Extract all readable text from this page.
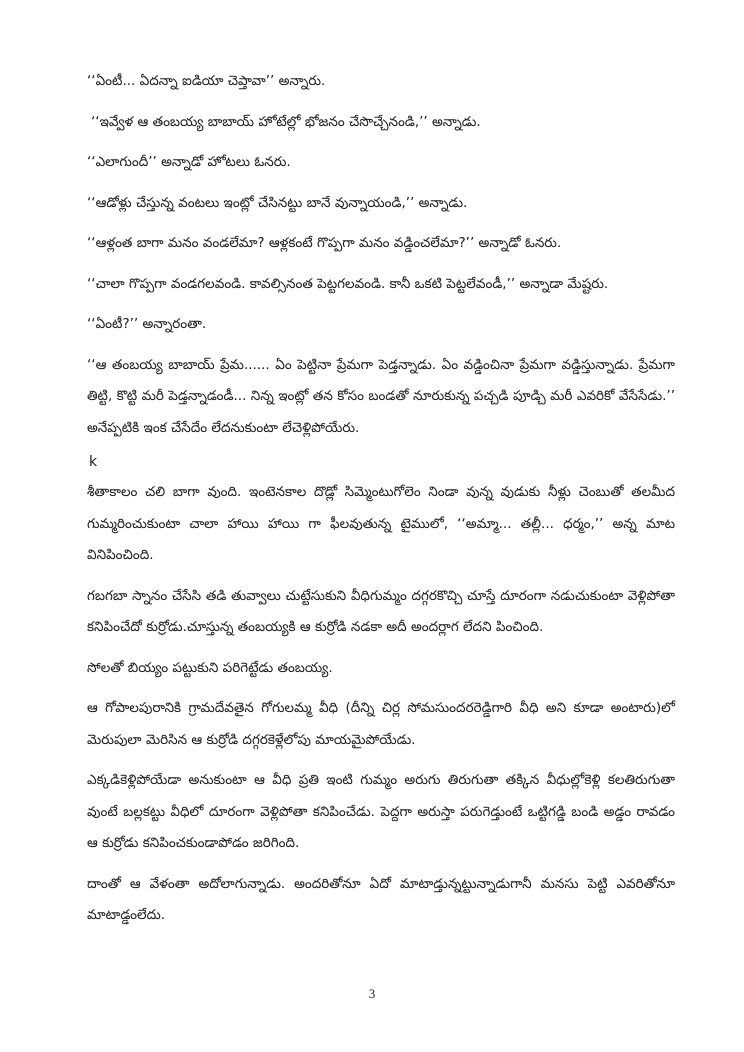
‘‘ఏంటీ... ఏదన్నా ఐడియా చెప్తావా’’ అన్నారు.

‘‘ఇవ్వేళ ఆ తంబయ్య బాబాయ్ హోటేల్లో భోజనం చేసొచ్చేనండి,’’ అన్నాడు.

‘‘ఎలాగుందీ’’ అన్నాడో హోటలు ఓనరు.

‘‘ఆడోళ్లు చేస్తున్న వంటలు ఇంట్లో చేసినట్టు బానే వున్నాయండి,’’ అన్నాడు.

‘‘ఆళ్లంత బాగా మనం వండలేమా? ఆళ్లకంటే గొప్పగా మనం వడ్డించలేమా?’’ అన్నాడో ఓనరు.

‘‘చాలా గొప్పగా వండగలవండి. కావల్సినంత పెట్టగలవండి. కానీ ఒకటి పెట్టలేవండీ,’’ అన్నాడా మేష్టరు.

‘‘ఏంటీ?’’ అన్నారంతా.

‘‘ఆ తంబయ్య బాబాయ్ ప్రేమ...... ఏం పెట్టినా ప్రేమగా పెడ్తన్నాడు. ఏం వడ్డించినా ప్రేమగా వడ్డిస్తున్నాడు. ప్రేమగా తిట్టి, కొట్టి మరీ పెడ్తన్నాడండీ... నిన్న ఇంట్లో తన కోసం బండతో నూరుకున్న పచ్చడి పూడ్చి మరీ ఎవరికో వేసేసేడు.’’ అనేప్పటికి ఇంక చేసేదేం లేదనుకుంటా లేచెళ్లిపోయేరు.

k

శీతాకాలం చలి బాగా వుంది. ఇంటెనకాల దొడ్లో సిమ్మెంటుగోలెం నిండా వున్న వుడుకు నీళ్లు చెంబుతో తలమీద గుమ్మరించుకుంటా చాలా హాయి హాయి గా ఫీలవుతున్న టైములో, ‘‘అమ్మా... తల్లీ... ధర్మం,’’ అన్న మాట వినిపించింది.

గబగబా స్నానం చేసేసి తడి తువ్వాలు చుట్టేసుకుని వీధిగుమ్మం దగ్గరకొచ్చి చూస్తే దూరంగా నడుచుకుంటా వెళ్లిపోతా కనిపించేదో కుర్రోడు.చూస్తున్న తంబయ్యకి ఆ కుర్రోడి నడకా అదీ అందర్లాగ లేదని పించింది.

సోలతో బియ్యం పట్టుకుని పరిగెట్టేడు తంబయ్య.

ఆ గోపాలపురానికి గ్రామదేవతైన గోగులమ్మ వీధి (దీన్ని చిర్ల సోమసుందరరెడ్డిగారి వీధి అని కూడా అంటారు)లో మెరుపులా మెరిసిన ఆ కుర్రోడి దగ్గరకెళ్లేలోపు మాయమైపోయేడు.

ఎక్కడికెళ్లిపోయేడా అనుకుంటా ఆ వీధి ప్రతి ఇంటి గుమ్మం అరుగు తిరుగుతా తక్కిన వీధుల్లోకెళ్లి కలతిరుగుతా వుంటే బల్లకట్టు వీధిలో దూరంగా వెళ్లిపోతా కనిపించేడు. పెద్దగా అరుస్తా పరుగెడ్తుంటే ఒట్టిగడ్డి బండి అడ్డం రావడం ఆ కుర్రోడు కనిపించకుండాపోడం జరిగింది.

దాంతో ఆ వేళంతా అదోలాగున్నాడు. అందరితోనూ ఏదో మాటాడ్తున్నట్టున్నాడుగానీ మనసు పెట్టి ఎవరితోనూ మాటాడ్డంలేదు.

3
